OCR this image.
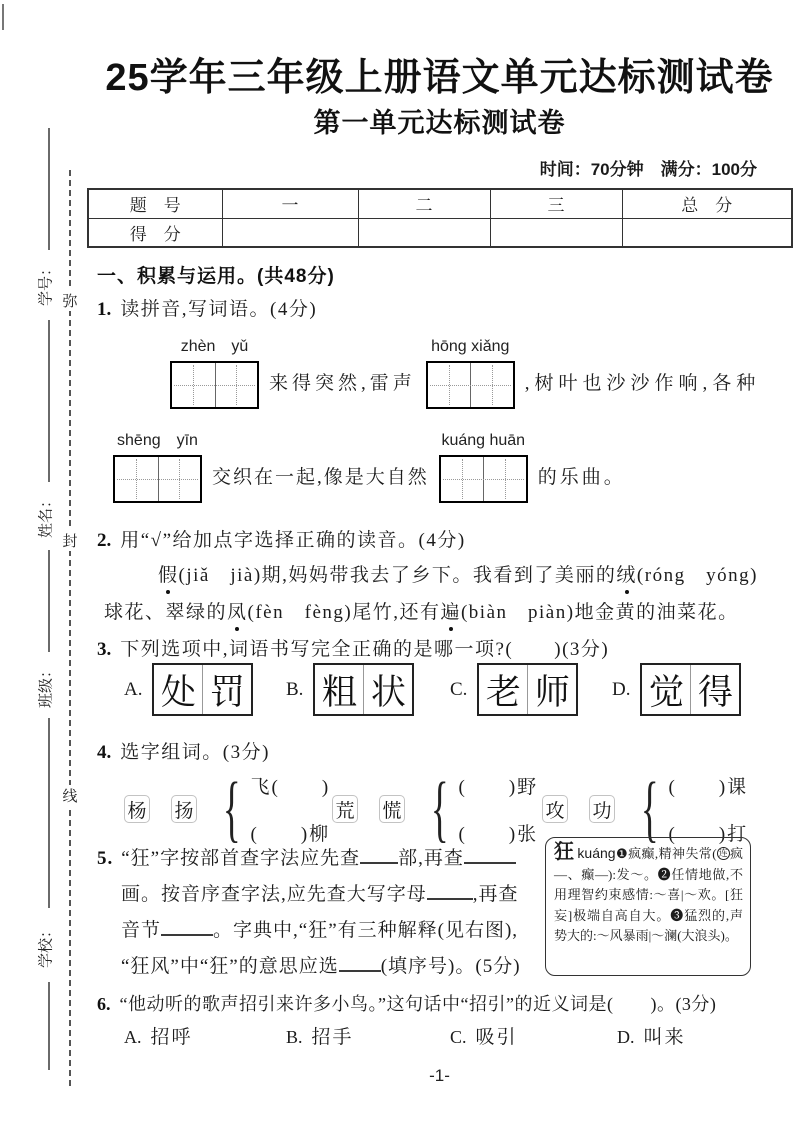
弥
封
线
学号：
姓名：
班级：
学校：
25学年三年级上册语文单元达标测试卷
第一单元达标测试卷
时间：70分钟　满分：100分
题　号	一	二	三	总　分
得　分				
一、积累与运用。(共48分)
1. 读拼音,写词语。(4分)
zhèn　yǔ
来得突然,雷声
hōng xiǎng
,树叶也沙沙作响,各种
shēng　yīn
交织在一起,像是大自然
kuáng huān
的乐曲。
2. 用“√”给加点字选择正确的读音。(4分)
假(jiǎ　jià)期,妈妈带我去了乡下。我看到了美丽的绒(róng　yóng)
球花、翠绿的凤(fèn　fèng)尾竹,还有遍(biàn　piàn)地金黄的油菜花。
3. 下列选项中,词语书写完全正确的是哪一项?(　　)(3分)
A. 处 罚	B. 粗 状	C. 老 师	D. 觉 得
4. 选字组词。(3分)
杨 扬 { 飞(　　)
(　　)柳
荒 慌 { (　　)野
(　　)张
攻 功 { (　　)课
(　　)打
5. “狂”字按部首查字法应先查 部,再查
画。按音序查字法,应先查大写字母 ,再查
音节	。字典中,“狂”有三种解释(见右图),
“狂风”中“狂”的意思应选 (填序号)。(5分)
狂 kuáng❶疯癫,精神失常( 连 疯—、癫—):发～。❷任情地做,不用理智约束感情:～喜|～欢。[狂妄]极端自高自大。❸猛烈的,声势大的:～风暴雨|～澜(大浪头)。
6. “他动听的歌声招引来许多小鸟。”这句话中“招引”的近义词是(　　)。(3分)
A. 招呼	B. 招手	C. 吸引	D. 叫来
-1-
